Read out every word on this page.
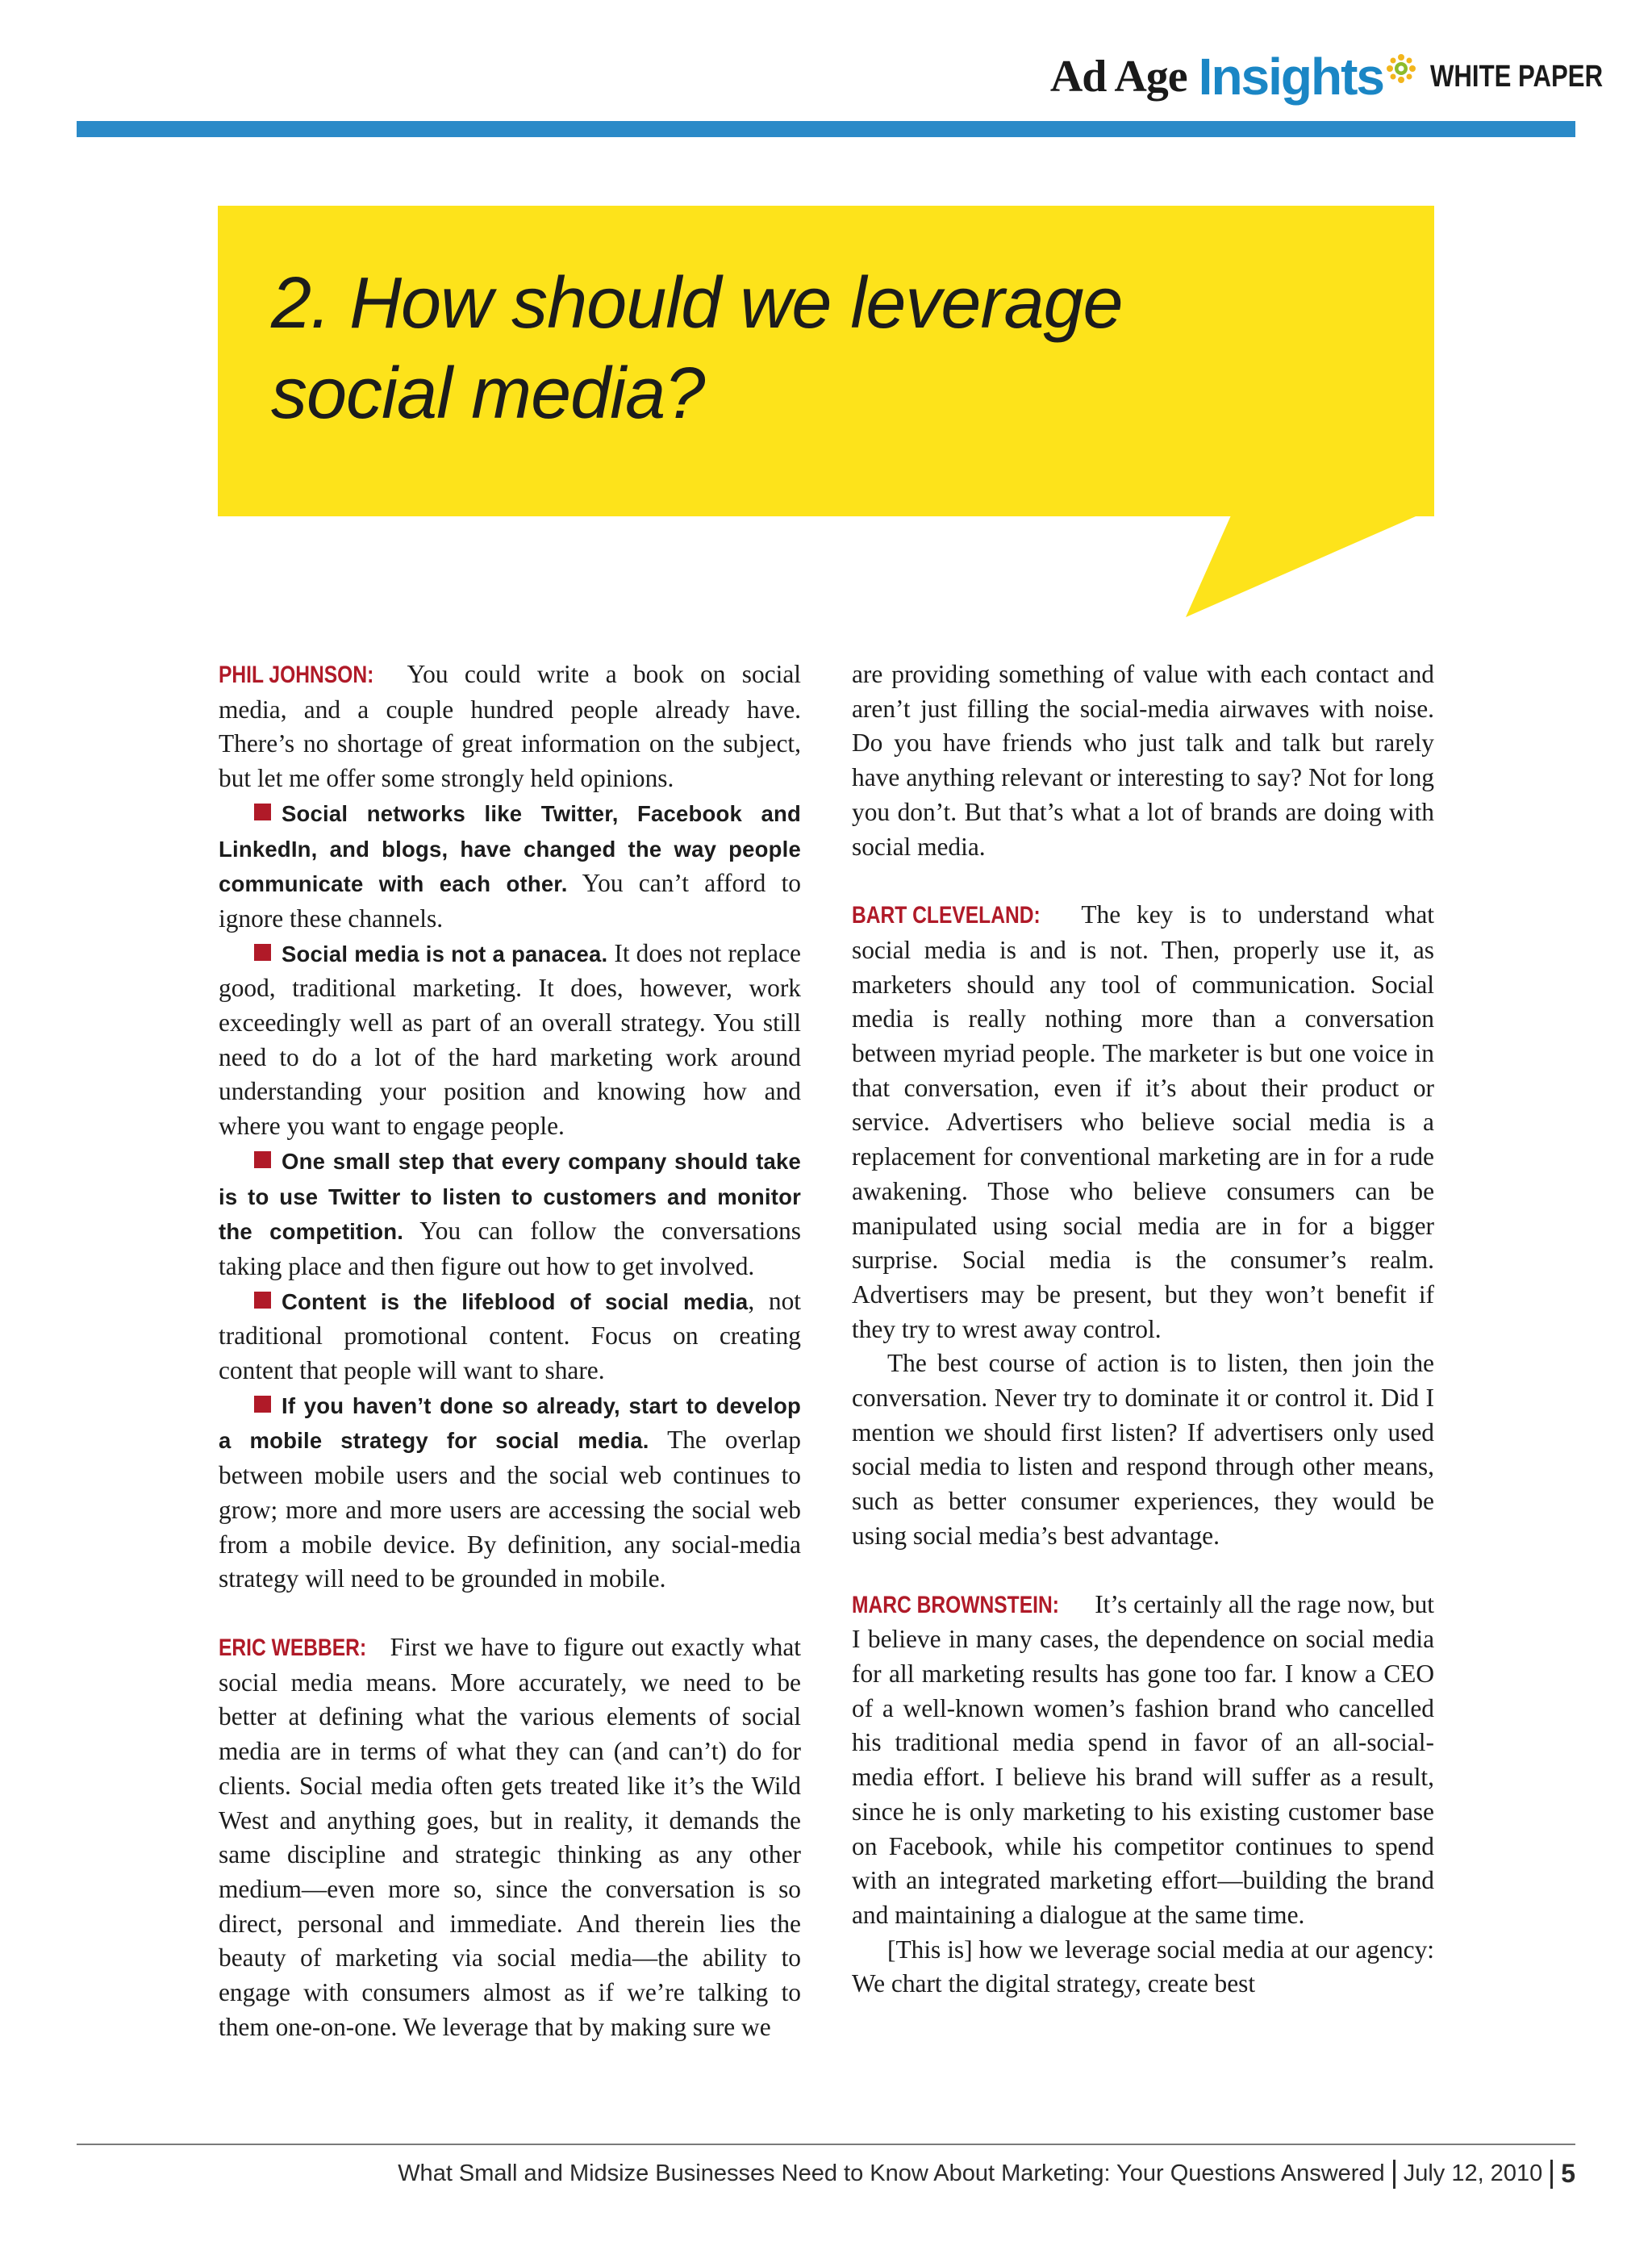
Ad Age Insights WHITE PAPER
2. How should we leverage
social media?

PHIL JOHNSON: You could write a book on social media, and a couple hundred people already have. There’s no shortage of great information on the subject, but let me offer some strongly held opinions.

Social networks like Twitter, Facebook and LinkedIn, and blogs, have changed the way people communicate with each other. You can’t afford to ignore these channels.

Social media is not a panacea. It does not replace good, traditional marketing. It does, however, work exceedingly well as part of an overall strategy. You still need to do a lot of the hard marketing work around understanding your position and knowing how and where you want to engage people.

One small step that every company should take is to use Twitter to listen to customers and monitor the competition. You can follow the conversations taking place and then figure out how to get involved.

Content is the lifeblood of social media, not traditional promotional content. Focus on creating content that people will want to share.

If you haven’t done so already, start to develop a mobile strategy for social media. The overlap between mobile users and the social web continues to grow; more and more users are accessing the social web from a mobile device. By definition, any social-media strategy will need to be grounded in mobile.

ERIC WEBBER: First we have to figure out exactly what social media means. More accurately, we need to be better at defining what the various elements of social media are in terms of what they can (and can’t) do for clients. Social media often gets treated like it’s the Wild West and anything goes, but in reality, it demands the same discipline and strategic thinking as any other medium—even more so, since the conversation is so direct, personal and immediate. And therein lies the beauty of marketing via social media—the ability to engage with consumers almost as if we’re talking to them one-on-one. We leverage that by making sure we

are providing something of value with each contact and aren’t just filling the social-media airwaves with noise. Do you have friends who just talk and talk but rarely have anything relevant or interesting to say? Not for long you don’t. But that’s what a lot of brands are doing with social media.

BART CLEVELAND: The key is to understand what social media is and is not. Then, properly use it, as marketers should any tool of communication. Social media is really nothing more than a conversation between myriad people. The marketer is but one voice in that conversation, even if it’s about their product or service. Advertisers who believe social media is a replacement for conventional marketing are in for a rude awakening. Those who believe consumers can be manipulated using social media are in for a bigger surprise. Social media is the consumer’s realm. Advertisers may be present, but they won’t benefit if they try to wrest away control.

The best course of action is to listen, then join the conversation. Never try to dominate it or control it. Did I mention we should first listen? If advertisers only used social media to listen and respond through other means, such as better consumer experiences, they would be using social media’s best advantage.

MARC BROWNSTEIN: It’s certainly all the rage now, but I believe in many cases, the dependence on social media for all marketing results has gone too far. I know a CEO of a well-known women’s fashion brand who cancelled his traditional media spend in favor of an all-social-media effort. I believe his brand will suffer as a result, since he is only marketing to his existing customer base on Facebook, while his competitor continues to spend with an integrated marketing effort—building the brand and maintaining a dialogue at the same time.

[This is] how we leverage social media at our agency: We chart the digital strategy, create best

What Small and Midsize Businesses Need to Know About Marketing: Your Questions Answered July 12, 2010 5
